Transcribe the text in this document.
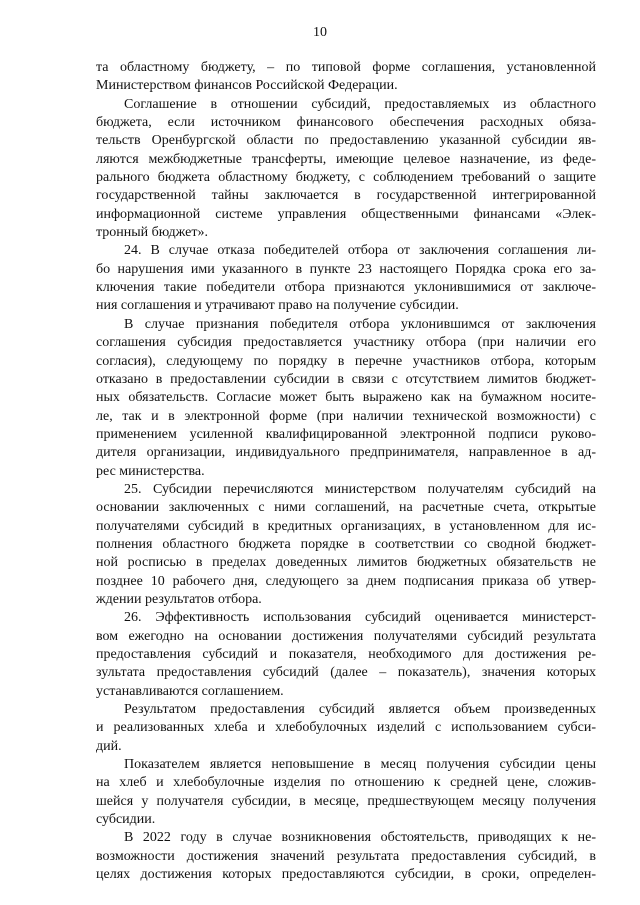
10
та областному бюджету, – по типовой форме соглашения, установленной
Министерством финансов Российской Федерации.
Соглашение в отношении субсидий, предоставляемых из областного
бюджета, если источником финансового обеспечения расходных обяза-
тельств Оренбургской области по предоставлению указанной субсидии яв-
ляются межбюджетные трансферты, имеющие целевое назначение, из феде-
рального бюджета областному бюджету, с соблюдением требований о защите
государственной тайны заключается в государственной интегрированной
информационной системе управления общественными финансами «Элек-
тронный бюджет».
24. В случае отказа победителей отбора от заключения соглашения ли-
бо нарушения ими указанного в пункте 23 настоящего Порядка срока его за-
ключения такие победители отбора признаются уклонившимися от заключе-
ния соглашения и утрачивают право на получение субсидии.
В случае признания победителя отбора уклонившимся от заключения
соглашения субсидия предоставляется участнику отбора (при наличии его
согласия), следующему по порядку в перечне участников отбора, которым
отказано в предоставлении субсидии в связи с отсутствием лимитов бюджет-
ных обязательств. Согласие может быть выражено как на бумажном носите-
ле, так и в электронной форме (при наличии технической возможности) с
применением усиленной квалифицированной электронной подписи руково-
дителя организации, индивидуального предпринимателя, направленное в ад-
рес министерства.
25. Субсидии перечисляются министерством получателям субсидий на
основании заключенных с ними соглашений, на расчетные счета, открытые
получателями субсидий в кредитных организациях, в установленном для ис-
полнения областного бюджета порядке в соответствии со сводной бюджет-
ной росписью в пределах доведенных лимитов бюджетных обязательств не
позднее 10 рабочего дня, следующего за днем подписания приказа об утвер-
ждении результатов отбора.
26. Эффективность использования субсидий оценивается министерст-
вом ежегодно на основании достижения получателями субсидий результата
предоставления субсидий и показателя, необходимого для достижения ре-
зультата предоставления субсидий (далее – показатель), значения которых
устанавливаются соглашением.
Результатом предоставления субсидий является объем произведенных
и реализованных хлеба и хлебобулочных изделий с использованием субси-
дий.
Показателем является неповышение в месяц получения субсидии цены
на хлеб и хлебобулочные изделия по отношению к средней цене, сложив-
шейся у получателя субсидии, в месяце, предшествующем месяцу получения
субсидии.
В 2022 году в случае возникновения обстоятельств, приводящих к не-
возможности достижения значений результата предоставления субсидий, в
целях достижения которых предоставляются субсидии, в сроки, определен-
